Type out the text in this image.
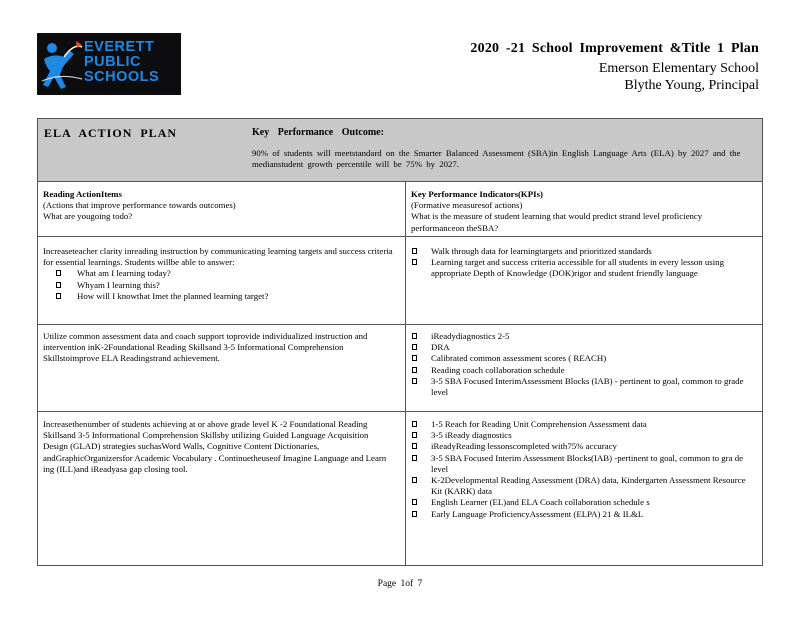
EVERETT
PUBLIC
SCHOOLS
2020 -21 School Improvement &Title 1 Plan
Emerson Elementary School
Blythe Young, Principal
ELA ACTION PLAN	Key Performance Outcome:
90% of students will meetstandard on the Smarter Balanced Assessment (SBA)in English Language Arts (ELA) by 2027 and the medianstudent growth percentile will be 75% by 2027.
Reading ActionItems
(Actions that improve performance towards outcomes)
What are yougoing todo?
Key Performance Indicators(KPIs)
(Formative measuresof actions)
What is the measure of student learning that would predict strand level proficiency performanceon theSBA?
Increaseteacher clarity inreading instruction by communicating learning targets and success criteria for essential learnings. Students willbe able to answer:
What am I learning today?
Whyam I learning this?
How will I knowthat Imet the planned learning target?
Walk through data for learningtargets and prioritized standards
Learning target and success criteria accessible for all students in every lesson using appropriate Depth of Knowledge (DOK)rigor and student friendly language
Utilize common assessment data and coach support toprovide individualized instruction and intervention inK-2Foundational Reading Skillsand 3-5 Informational Comprehension Skillstoimprove ELA Readingstrand achievement.
iReadydiagnostics 2-5
DRA
Calibrated common assessment scores ( REACH)
Reading coach collaboration schedule
3-5 SBA Focused InterimAssessment Blocks (IAB) - pertinent to goal, common to grade level
Increasethenumber of students achieving at or above grade level K -2 Foundational Reading Skillsand 3-5 Informational Comprehension Skillsby utilizing Guided Language Acquisition Design (GLAD) strategies suchasWord Walls, Cognitive Content Dictionaries, andGraphicOrganizersfor Academic Vocabulary . Continuetheuseof Imagine Language and Learn ing (ILL)and iReadyasa gap closing tool.
1-5 Reach for Reading Unit Comprehension Assessment data
3-5 iReady diagnostics
iReadyReading lessonscompleted with75% accuracy
3-5 SBA Focused Interim Assessment Blocks(IAB) -pertinent to goal, common to gra de level
K-2Developmental Reading Assessment (DRA) data, Kindergarten Assessment Resource Kit (KARK) data
English Learner (EL)and ELA Coach collaboration schedule s
Early Language ProficiencyAssessment (ELPA) 21 & IL&L
Page 1of 7
